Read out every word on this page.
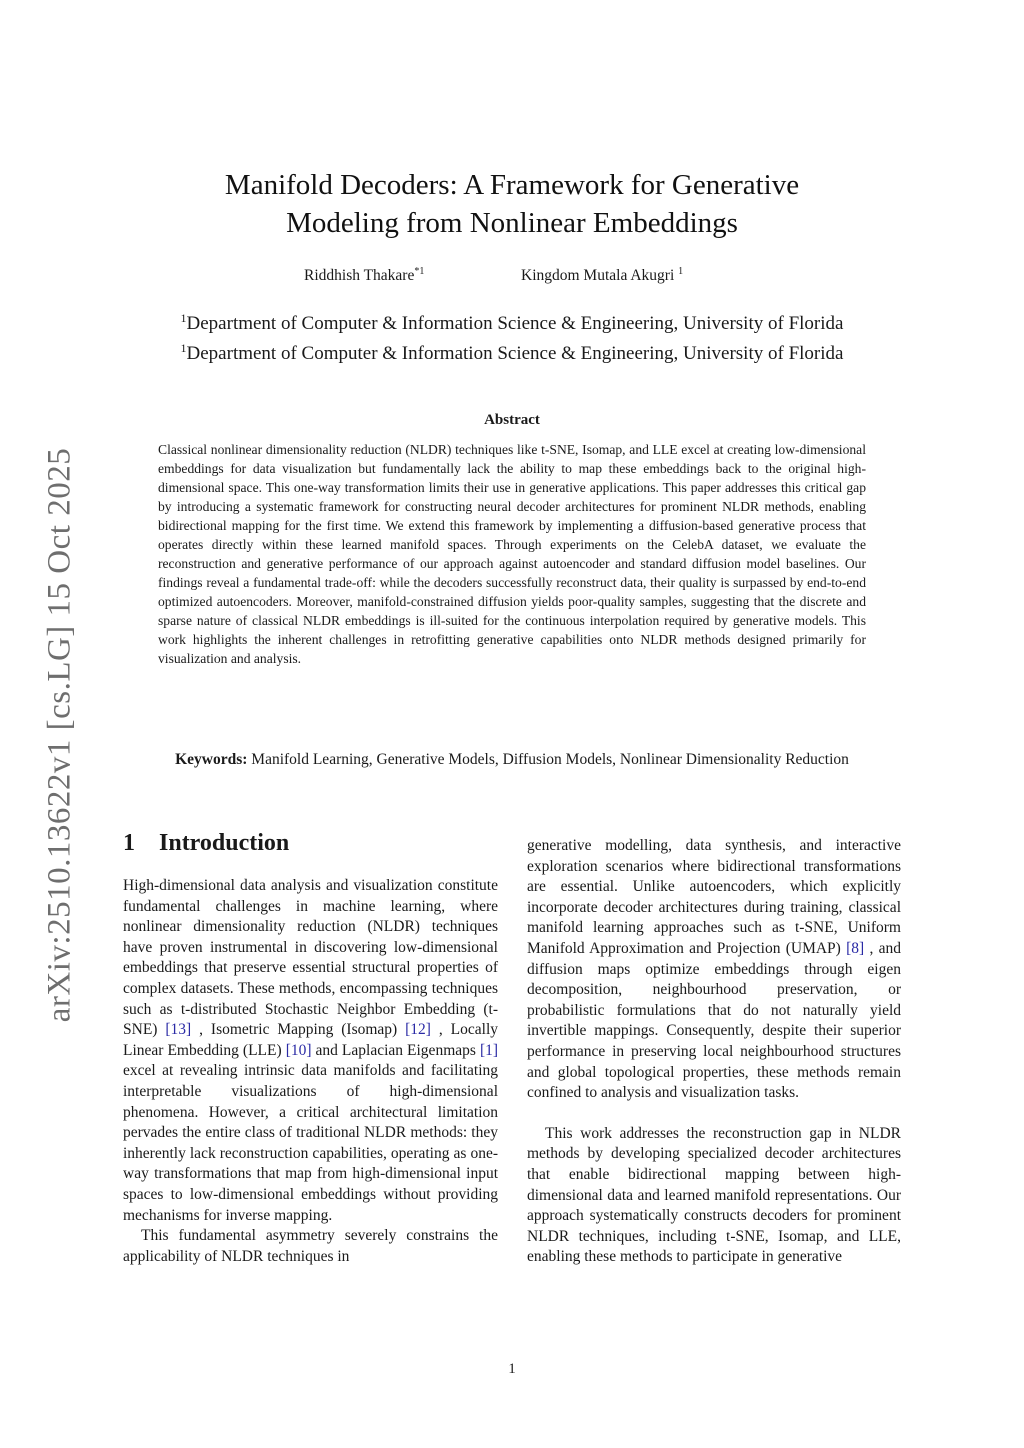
arXiv:2510.13622v1 [cs.LG] 15 Oct 2025
Manifold Decoders: A Framework for Generative
Modeling from Nonlinear Embeddings
Riddhish Thakare$^{*1}$	Kingdom Mutala Akugri $^1$
$^1$Department of Computer & Information Science & Engineering, University of Florida
$^1$Department of Computer & Information Science & Engineering, University of Florida
Abstract
Classical nonlinear dimensionality reduction (NLDR) techniques like t-SNE, Isomap, and LLE excel at creating low-dimensional embeddings for data visualization but fundamentally lack the ability to map these embeddings back to the original high-dimensional space. This one-way transformation limits their use in generative applications. This paper addresses this critical gap by introducing a systematic framework for constructing neural decoder architectures for prominent NLDR methods, enabling bidirectional mapping for the first time. We extend this framework by implementing a diffusion-based generative process that operates directly within these learned manifold spaces. Through experiments on the CelebA dataset, we evaluate the reconstruction and generative performance of our approach against autoencoder and standard diffusion model baselines. Our findings reveal a fundamental trade-off: while the decoders successfully reconstruct data, their quality is surpassed by end-to-end optimized autoencoders. Moreover, manifold-constrained diffusion yields poor-quality samples, suggesting that the discrete and sparse nature of classical NLDR embeddings is ill-suited for the continuous interpolation required by generative models. This work highlights the inherent challenges in retrofitting generative capabilities onto NLDR methods designed primarily for visualization and analysis.
Keywords: Manifold Learning, Generative Models, Diffusion Models, Nonlinear Dimensionality Reduction
1 Introduction

High-dimensional data analysis and visualization constitute fundamental challenges in machine learning, where nonlinear dimensionality reduction (NLDR) techniques have proven instrumental in discovering low-dimensional embeddings that preserve essential structural properties of complex datasets. These methods, encompassing techniques such as t-distributed Stochastic Neighbor Embedding (t-SNE) [13] , Isometric Mapping (Isomap) [12] , Locally Linear Embedding (LLE) [10] and Laplacian Eigenmaps [1] excel at revealing intrinsic data manifolds and facilitating interpretable visualizations of high-dimensional phenomena. However, a critical architectural limitation pervades the entire class of traditional NLDR methods: they inherently lack reconstruction capabilities, operating as one-way transformations that map from high-dimensional input spaces to low-dimensional embeddings without providing mechanisms for inverse mapping.

This fundamental asymmetry severely constrains the applicability of NLDR techniques in

generative modelling, data synthesis, and interactive exploration scenarios where bidirectional transformations are essential. Unlike autoencoders, which explicitly incorporate decoder architectures during training, classical manifold learning approaches such as t-SNE, Uniform Manifold Approximation and Projection (UMAP) [8] , and diffusion maps optimize embeddings through eigen decomposition, neighbourhood preservation, or probabilistic formulations that do not naturally yield invertible mappings. Consequently, despite their superior performance in preserving local neighbourhood structures and global topological properties, these methods remain confined to analysis and visualization tasks.

This work addresses the reconstruction gap in NLDR methods by developing specialized decoder architectures that enable bidirectional mapping between high-dimensional data and learned manifold representations. Our approach systematically constructs decoders for prominent NLDR techniques, including t-SNE, Isomap, and LLE, enabling these methods to participate in generative

1
